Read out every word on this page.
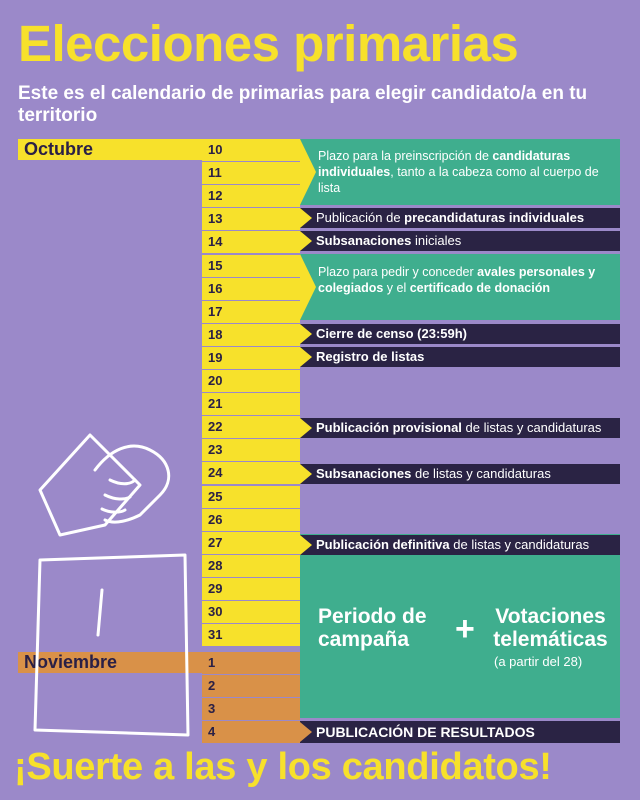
Elecciones primarias
Este es el calendario de primarias para elegir candidato/a en tu territorio
Octubre	10
11
12
13
14
15
16
17
18
19
20
21
22
23
24
25
26
27
28
29
30
31
1
2
3
4
Noviembre
Plazo para la preinscripción de candidaturas individuales, tanto a la cabeza como al cuerpo de lista
Publicación de precandidaturas individuales
Subsanaciones iniciales
Plazo para pedir y conceder avales personales y colegiados y el certificado de donación
Cierre de censo (23:59h)
Registro de listas
Publicación provisional de listas y candidaturas
Subsanaciones de listas y candidaturas
Publicación definitiva de listas y candidaturas
Periodo de campaña	+ Votaciones telemáticas
(a partir del 28)
PUBLICACIÓN DE RESULTADOS
¡Suerte a las y los candidatos!
